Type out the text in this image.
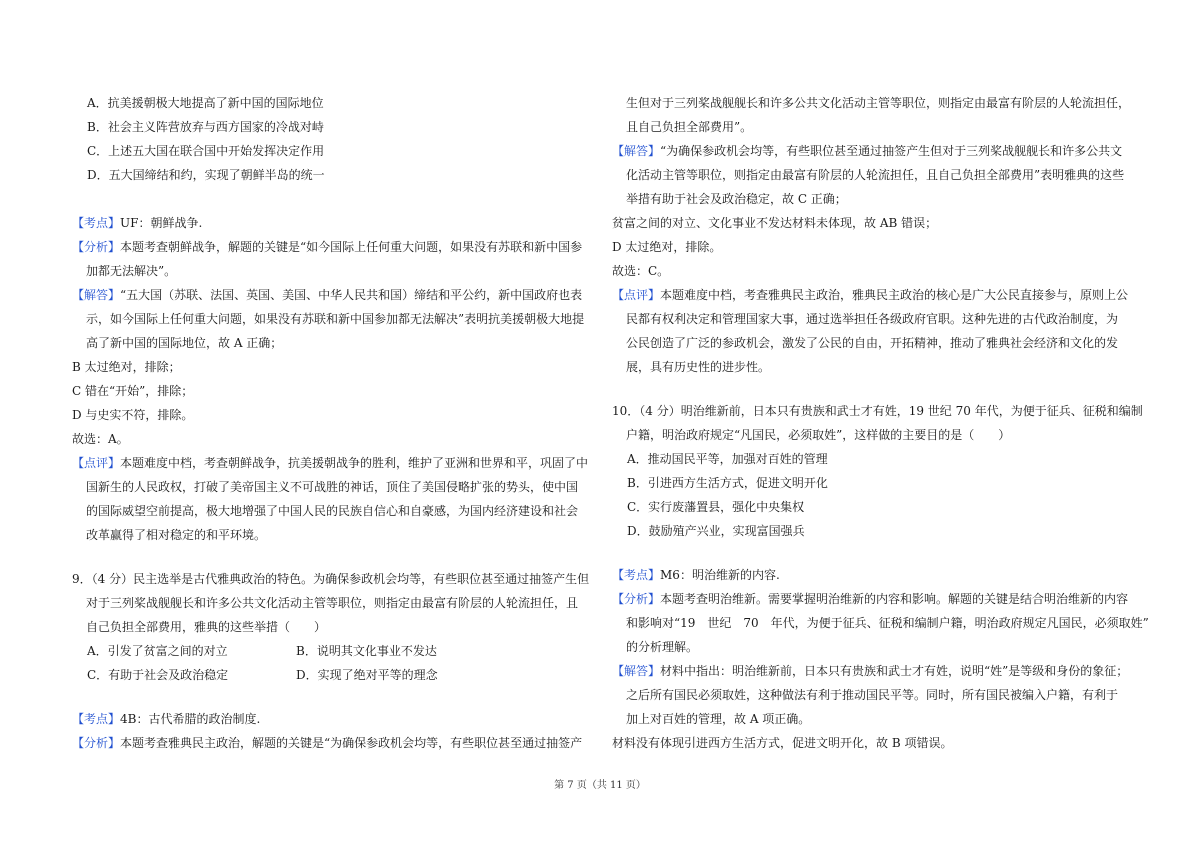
A．抗美援朝极大地提高了新中国的国际地位
B．社会主义阵营放弃与西方国家的冷战对峙
C．上述五大国在联合国中开始发挥决定作用
D．五大国缔结和约，实现了朝鲜半岛的统一
【考点】UF：朝鲜战争.
【分析】本题考查朝鲜战争，解题的关键是“如今国际上任何重大问题，如果没有苏联和新中国参
加都无法解决”。
【解答】“五大国（苏联、法国、英国、美国、中华人民共和国）缔结和平公约，新中国政府也表
示，如今国际上任何重大问题，如果没有苏联和新中国参加都无法解决”表明抗美援朝极大地提
高了新中国的国际地位，故 A 正确；
B 太过绝对，排除；
C 错在“开始”，排除；
D 与史实不符，排除。
故选：A。
【点评】本题难度中档，考查朝鲜战争，抗美援朝战争的胜利，维护了亚洲和世界和平，巩固了中
国新生的人民政权，打破了美帝国主义不可战胜的神话，顶住了美国侵略扩张的势头，使中国
的国际威望空前提高，极大地增强了中国人民的民族自信心和自豪感，为国内经济建设和社会
改革赢得了相对稳定的和平环境。
9．（4 分）民主选举是古代雅典政治的特色。为确保参政机会均等，有些职位甚至通过抽签产生但
对于三列桨战舰舰长和许多公共文化活动主管等职位，则指定由最富有阶层的人轮流担任，且
自己负担全部费用，雅典的这些举措（　　）
A．引发了贫富之间的对立	B．说明其文化事业不发达
C．有助于社会及政治稳定	D．实现了绝对平等的理念
【考点】4B：古代希腊的政治制度.
【分析】本题考查雅典民主政治，解题的关键是“为确保参政机会均等，有些职位甚至通过抽签产
生但对于三列桨战舰舰长和许多公共文化活动主管等职位，则指定由最富有阶层的人轮流担任，
且自己负担全部费用”。
【解答】“为确保参政机会均等，有些职位甚至通过抽签产生但对于三列桨战舰舰长和许多公共文
化活动主管等职位，则指定由最富有阶层的人轮流担任，且自己负担全部费用”表明雅典的这些
举措有助于社会及政治稳定，故 C 正确；
贫富之间的对立、文化事业不发达材料未体现，故 AB 错误；
D 太过绝对，排除。
故选：C。
【点评】本题难度中档，考查雅典民主政治，雅典民主政治的核心是广大公民直接参与，原则上公
民都有权利决定和管理国家大事，通过选举担任各级政府官职。这种先进的古代政治制度，为
公民创造了广泛的参政机会，激发了公民的自由，开拓精神，推动了雅典社会经济和文化的发
展，具有历史性的进步性。
10．（4 分）明治维新前，日本只有贵族和武士才有姓，19 世纪 70 年代，为便于征兵、征税和编制
户籍，明治政府规定“凡国民，必须取姓”，这样做的主要目的是（　　）
A．推动国民平等，加强对百姓的管理
B．引进西方生活方式，促进文明开化
C．实行废藩置县，强化中央集权
D．鼓励殖产兴业，实现富国强兵
【考点】M6：明治维新的内容.
【分析】本题考查明治维新。需要掌握明治维新的内容和影响。解题的关键是结合明治维新的内容
和影响对“19　世纪　70　年代，为便于征兵、征税和编制户籍，明治政府规定凡国民，必须取姓”
的分析理解。
【解答】材料中指出：明治维新前，日本只有贵族和武士才有姓，说明“姓”是等级和身份的象征；
之后所有国民必须取姓，这种做法有利于推动国民平等。同时，所有国民被编入户籍，有利于
加上对百姓的管理，故 A 项正确。
材料没有体现引进西方生活方式，促进文明开化，故 B 项错误。
第 7 页（共 11 页）
